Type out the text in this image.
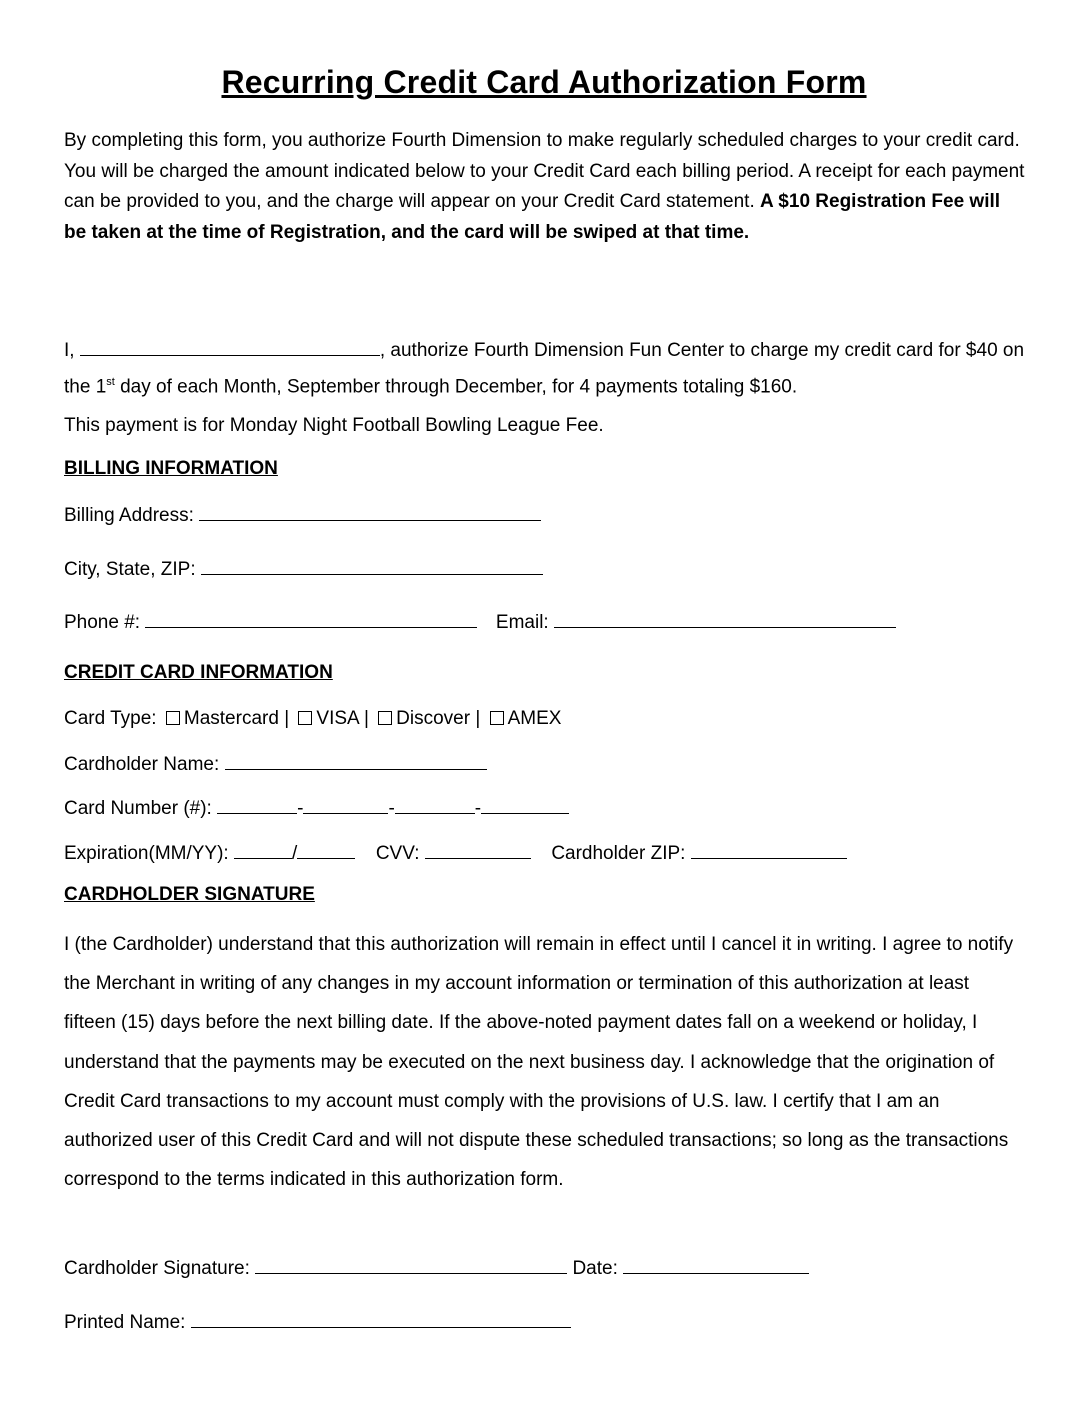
Recurring Credit Card Authorization Form

By completing this form, you authorize Fourth Dimension to make regularly scheduled charges to your credit card. You will be charged the amount indicated below to your Credit Card each billing period. A receipt for each payment can be provided to you, and the charge will appear on your Credit Card statement. A $10 Registration Fee will be taken at the time of Registration, and the card will be swiped at that time.

I,	, authorize Fourth Dimension Fun Center to charge my credit card for $40 on the 1st day of each Month, September through December, for 4 payments totaling $160.

This payment is for Monday Night Football Bowling League Fee.

BILLING INFORMATION
Billing Address:
City, State, ZIP:
Phone #:	Email:
CREDIT CARD INFORMATION
Card Type: Mastercard | VISA | Discover | AMEX
Cardholder Name:
Card Number (#):	-	-	-
Expiration(MM/YY):	/	CVV:	Cardholder ZIP:
CARDHOLDER SIGNATURE

I (the Cardholder) understand that this authorization will remain in effect until I cancel it in writing. I agree to notify the Merchant in writing of any changes in my account information or termination of this authorization at least fifteen (15) days before the next billing date. If the above-noted payment dates fall on a weekend or holiday, I understand that the payments may be executed on the next business day. I acknowledge that the origination of Credit Card transactions to my account must comply with the provisions of U.S. law. I certify that I am an authorized user of this Credit Card and will not dispute these scheduled transactions; so long as the transactions correspond to the terms indicated in this authorization form.

Cardholder Signature:	Date:
Printed Name:
